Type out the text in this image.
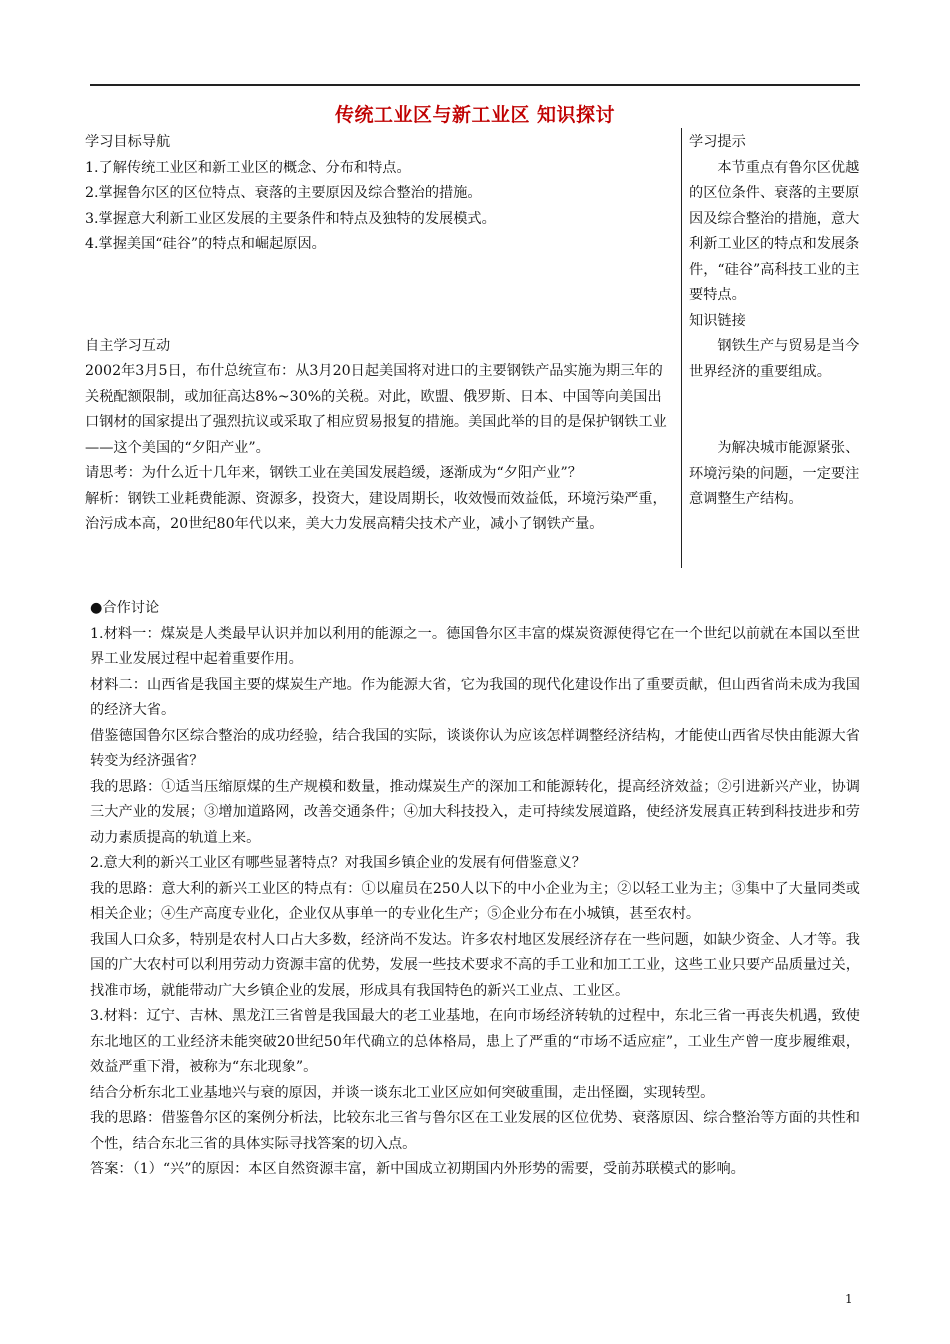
传统工业区与新工业区 知识探讨

学习目标导航

1.了解传统工业区和新工业区的概念、分布和特点。

2.掌握鲁尔区的区位特点、衰落的主要原因及综合整治的措施。

3.掌握意大利新工业区发展的主要条件和特点及独特的发展模式。

4.掌握美国“硅谷”的特点和崛起原因。

自主学习互动

2002年3月5日，布什总统宣布：从3月20日起美国将对进口的主要钢铁产品实施为期三年的关税配额限制，或加征高达8%~30%的关税。对此，欧盟、俄罗斯、日本、中国等向美国出口钢材的国家提出了强烈抗议或采取了相应贸易报复的措施。美国此举的目的是保护钢铁工业——这个美国的“夕阳产业”。

请思考：为什么近十几年来，钢铁工业在美国发展趋缓，逐渐成为“夕阳产业”？

解析：钢铁工业耗费能源、资源多，投资大，建设周期长，收效慢而效益低，环境污染严重，治污成本高，20世纪80年代以来，美大力发展高精尖技术产业，减小了钢铁产量。

学习提示

本节重点有鲁尔区优越的区位条件、衰落的主要原因及综合整治的措施，意大利新工业区的特点和发展条件，“硅谷”高科技工业的主要特点。

知识链接

钢铁生产与贸易是当今世界经济的重要组成。

为解决城市能源紧张、环境污染的问题，一定要注意调整生产结构。

●合作讨论

1.材料一：煤炭是人类最早认识并加以利用的能源之一。德国鲁尔区丰富的煤炭资源使得它在一个世纪以前就在本国以至世界工业发展过程中起着重要作用。

材料二：山西省是我国主要的煤炭生产地。作为能源大省，它为我国的现代化建设作出了重要贡献，但山西省尚未成为我国的经济大省。

借鉴德国鲁尔区综合整治的成功经验，结合我国的实际，谈谈你认为应该怎样调整经济结构，才能使山西省尽快由能源大省转变为经济强省？

我的思路：①适当压缩原煤的生产规模和数量，推动煤炭生产的深加工和能源转化，提高经济效益；②引进新兴产业，协调三大产业的发展；③增加道路网，改善交通条件；④加大科技投入，走可持续发展道路，使经济发展真正转到科技进步和劳动力素质提高的轨道上来。

2.意大利的新兴工业区有哪些显著特点？对我国乡镇企业的发展有何借鉴意义？

我的思路：意大利的新兴工业区的特点有：①以雇员在250人以下的中小企业为主；②以轻工业为主；③集中了大量同类或相关企业；④生产高度专业化，企业仅从事单一的专业化生产；⑤企业分布在小城镇，甚至农村。

我国人口众多，特别是农村人口占大多数，经济尚不发达。许多农村地区发展经济存在一些问题，如缺少资金、人才等。我国的广大农村可以利用劳动力资源丰富的优势，发展一些技术要求不高的手工业和加工工业，这些工业只要产品质量过关，找准市场，就能带动广大乡镇企业的发展，形成具有我国特色的新兴工业点、工业区。

3.材料：辽宁、吉林、黑龙江三省曾是我国最大的老工业基地，在向市场经济转轨的过程中，东北三省一再丧失机遇，致使东北地区的工业经济未能突破20世纪50年代确立的总体格局，患上了严重的“市场不适应症”，工业生产曾一度步履维艰，效益严重下滑，被称为“东北现象”。

结合分析东北工业基地兴与衰的原因，并谈一谈东北工业区应如何突破重围，走出怪圈，实现转型。

我的思路：借鉴鲁尔区的案例分析法，比较东北三省与鲁尔区在工业发展的区位优势、衰落原因、综合整治等方面的共性和个性，结合东北三省的具体实际寻找答案的切入点。

答案：（1）“兴”的原因：本区自然资源丰富，新中国成立初期国内外形势的需要，受前苏联模式的影响。

1
